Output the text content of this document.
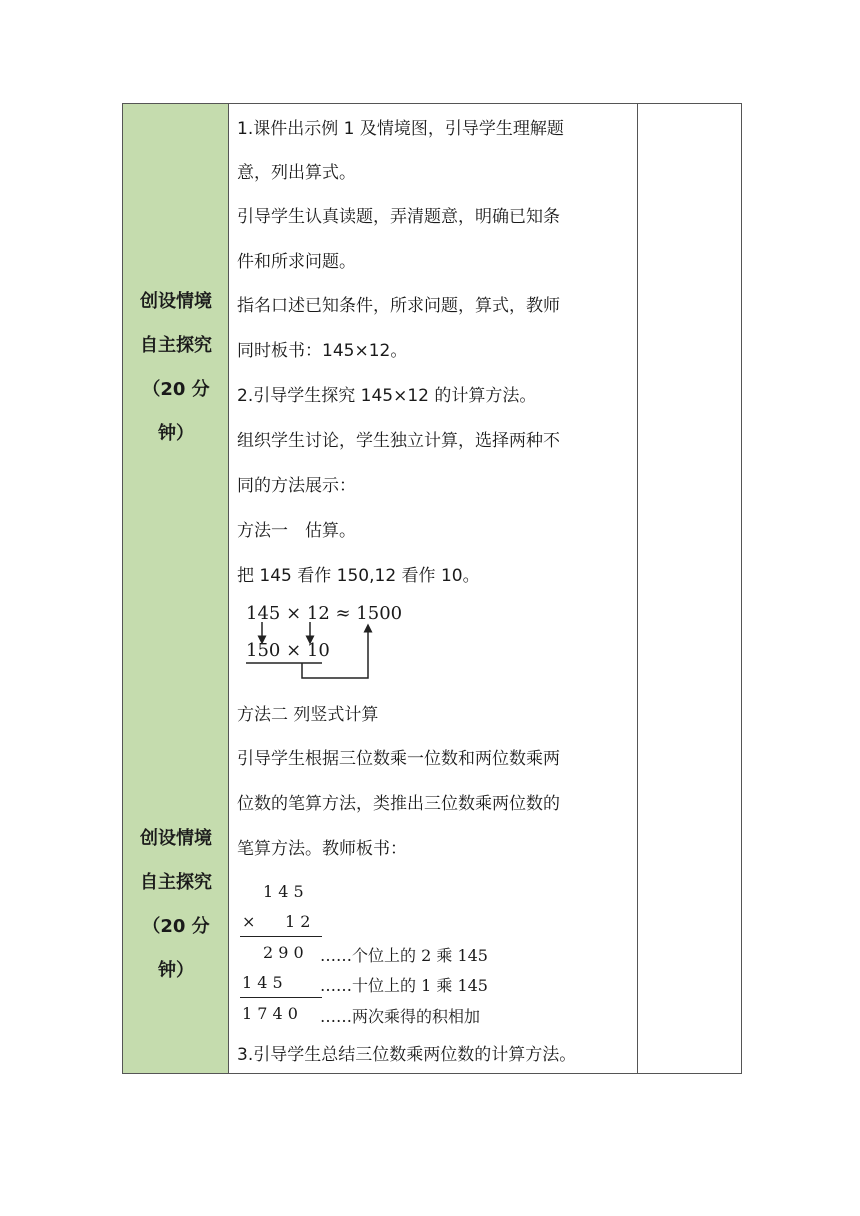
创设情境
自主探究
（20 分
钟）
创设情境
自主探究
（20 分
钟）
1.课件出示例 1 及情境图，引导学生理解题
意，列出算式。
引导学生认真读题，弄清题意，明确已知条
件和所求问题。
指名口述已知条件，所求问题，算式，教师
同时板书：145×12。
2.引导学生探究 145×12 的计算方法。
组织学生讨论，学生独立计算，选择两种不
同的方法展示：
方法一　估算。
把 145 看作 150,12 看作 10。
145 × 12 ≈ 1500
150 × 10
方法二 列竖式计算
引导学生根据三位数乘一位数和两位数乘两
位数的笔算方法，类推出三位数乘两位数的
笔算方法。教师板书：
1 4 5
× 1 2
2 9 0 ……个位上的 2 乘 145
1 4 5 ……十位上的 1 乘 145
1 7 4 0 ……两次乘得的积相加
3.引导学生总结三位数乘两位数的计算方法。
